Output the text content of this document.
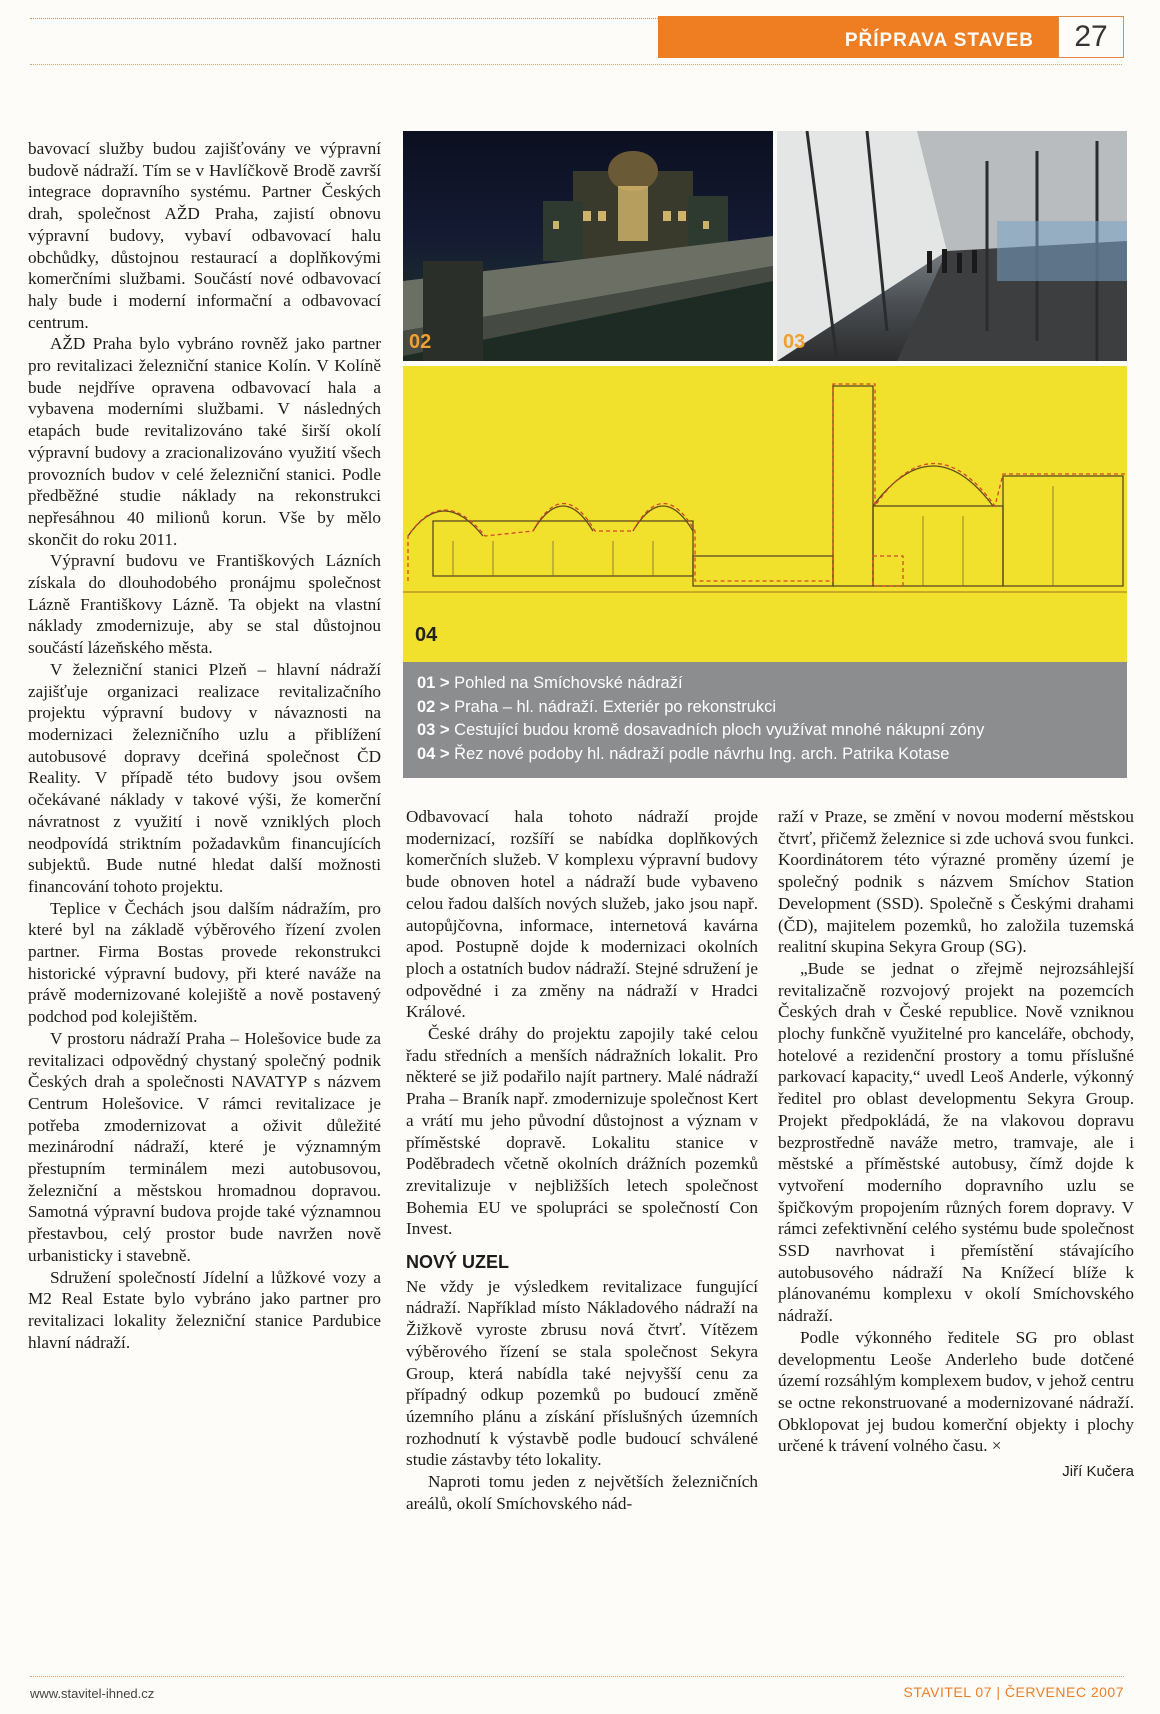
PŘÍPRAVA STAVEB	27

bavovací služby budou zajišťovány ve výpravní budově nádraží. Tím se v Havlíčkově Brodě završí integrace dopravního systému. Partner Českých drah, společnost AŽD Praha, zajistí obnovu výpravní budovy, vybaví odbavovací halu obchůdky, důstojnou restaurací a doplňkovými komerčními službami. Součástí nové odbavovací haly bude i moderní informační a odbavovací centrum.

AŽD Praha bylo vybráno rovněž jako partner pro revitalizaci železniční stanice Kolín. V Kolíně bude nejdříve opravena odbavovací hala a vybavena moderními službami. V následných etapách bude revitalizováno také širší okolí výpravní budovy a zracionalizováno využití všech provozních budov v celé železniční stanici. Podle předběžné studie náklady na rekonstrukci nepřesáhnou 40 milionů korun. Vše by mělo skončit do roku 2011.

Výpravní budovu ve Františkových Lázních získala do dlouhodobého pronájmu společnost Lázně Františkovy Lázně. Ta objekt na vlastní náklady zmodernizuje, aby se stal důstojnou součástí lázeňského města.

V železniční stanici Plzeň – hlavní nádraží zajišťuje organizaci realizace revitalizačního projektu výpravní budovy v návaznosti na modernizaci železničního uzlu a přiblížení autobusové dopravy dceřiná společnost ČD Reality. V případě této budovy jsou ovšem očekávané náklady v takové výši, že komerční návratnost z využití i nově vzniklých ploch neodpovídá striktním požadavkům financujících subjektů. Bude nutné hledat další možnosti financování tohoto projektu.

Teplice v Čechách jsou dalším nádražím, pro které byl na základě výběrového řízení zvolen partner. Firma Bostas provede rekonstrukci historické výpravní budovy, při které naváže na právě modernizované kolejiště a nově postavený podchod pod kolejištěm.

V prostoru nádraží Praha – Holešovice bude za revitalizaci odpovědný chystaný společný podnik Českých drah a společnosti NAVATYP s názvem Centrum Holešovice. V rámci revitalizace je potřeba zmodernizovat a oživit důležité mezinárodní nádraží, které je významným přestupním terminálem mezi autobusovou, železniční a městskou hromadnou dopravou. Samotná výpravní budova projde také významnou přestavbou, celý prostor bude navržen nově urbanisticky i stavebně.

Sdružení společností Jídelní a lůžkové vozy a M2 Real Estate bylo vybráno jako partner pro revitalizaci lokality železniční stanice Pardubice hlavní nádraží.

02	03
04
01 > Pohled na Smíchovské nádraží
02 > Praha – hl. nádraží. Exteriér po rekonstrukci
03 > Cestující budou kromě dosavadních ploch využívat mnohé nákupní zóny
04 > Řez nové podoby hl. nádraží podle návrhu Ing. arch. Patrika Kotase

Odbavovací hala tohoto nádraží projde modernizací, rozšíří se nabídka doplňkových komerčních služeb. V komplexu výpravní budovy bude obnoven hotel a nádraží bude vybaveno celou řadou dalších nových služeb, jako jsou např. autopůjčovna, informace, internetová kavárna apod. Postupně dojde k modernizaci okolních ploch a ostatních budov nádraží. Stejné sdružení je odpovědné i za změny na nádraží v Hradci Králové.

České dráhy do projektu zapojily také celou řadu středních a menších nádražních lokalit. Pro některé se již podařilo najít partnery. Malé nádraží Praha – Braník např. zmodernizuje společnost Kert a vrátí mu jeho původní důstojnost a význam v příměstské dopravě. Lokalitu stanice v Poděbradech včetně okolních drážních pozemků zrevitalizuje v nejbližších letech společnost Bohemia EU ve spolupráci se společností Con Invest.

NOVÝ UZEL

Ne vždy je výsledkem revitalizace fungující nádraží. Například místo Nákladového nádraží na Žižkově vyroste zbrusu nová čtvrť. Vítězem výběrového řízení se stala společnost Sekyra Group, která nabídla také nejvyšší cenu za případný odkup pozemků po budoucí změně územního plánu a získání příslušných územních rozhodnutí k výstavbě podle budoucí schválené studie zástavby této lokality.

Naproti tomu jeden z největších železničních areálů, okolí Smíchovského nád-

raží v Praze, se změní v novou moderní městskou čtvrť, přičemž železnice si zde uchová svou funkci. Koordinátorem této výrazné proměny území je společný podnik s názvem Smíchov Station Development (SSD). Společně s Českými drahami (ČD), majitelem pozemků, ho založila tuzemská realitní skupina Sekyra Group (SG).

„Bude se jednat o zřejmě nejrozsáhlejší revitalizačně rozvojový projekt na pozemcích Českých drah v České republice. Nově vzniknou plochy funkčně využitelné pro kanceláře, obchody, hotelové a rezidenční prostory a tomu příslušné parkovací kapacity,“ uvedl Leoš Anderle, výkonný ředitel pro oblast developmentu Sekyra Group. Projekt předpokládá, že na vlakovou dopravu bezprostředně naváže metro, tramvaje, ale i městské a příměstské autobusy, čímž dojde k vytvoření moderního dopravního uzlu se špičkovým propojením různých forem dopravy. V rámci zefektivnění celého systému bude společnost SSD navrhovat i přemístění stávajícího autobusového nádraží Na Knížecí blíže k plánovanému komplexu v okolí Smíchovského nádraží.

Podle výkonného ředitele SG pro oblast developmentu Leoše Anderleho bude dotčené území rozsáhlým komplexem budov, v jehož centru se octne rekonstruované a modernizované nádraží. Obklopovat jej budou komerční objekty i plochy určené k trávení volného času. ×

Jiří Kučera
www.stavitel-ihned.cz	STAVITEL 07 | ČERVENEC 2007
